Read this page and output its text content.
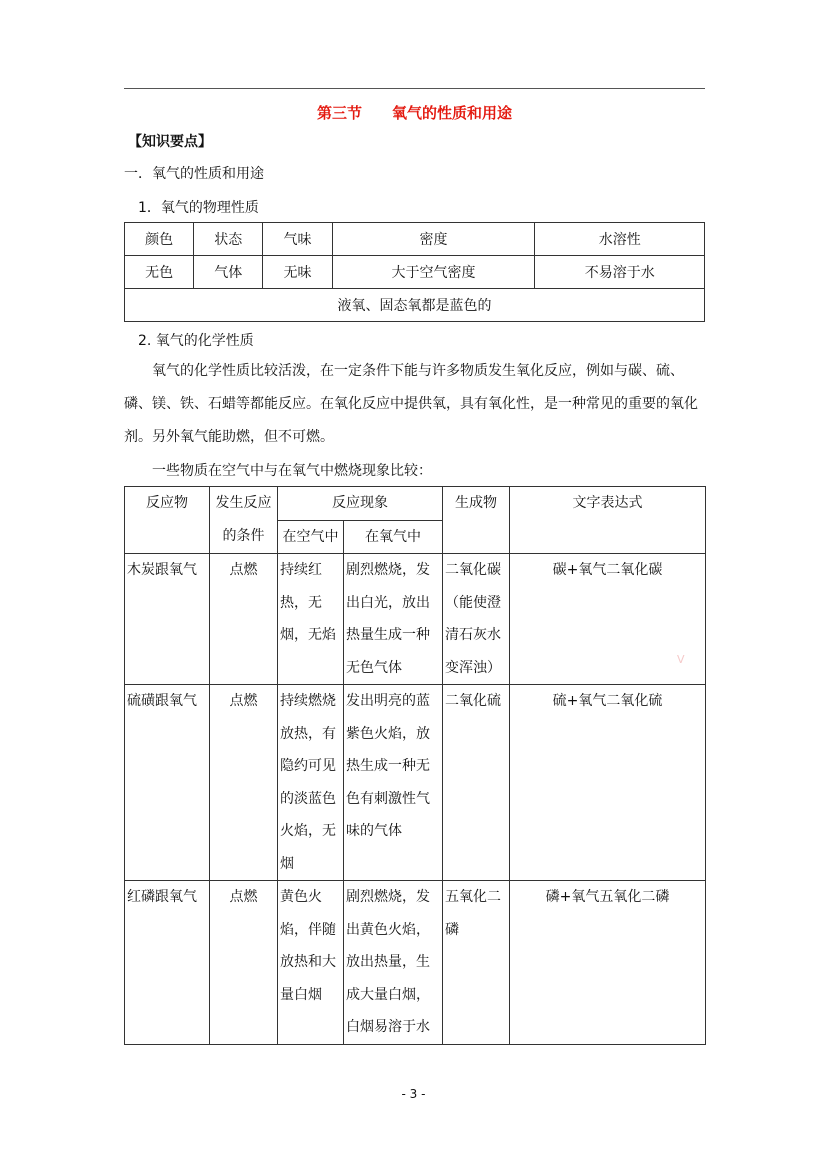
第三节　　氧气的性质和用途
【知识要点】
一．氧气的性质和用途
1．氧气的物理性质
颜色	状态	气味	密度	水溶性
无色	气体	无味	大于空气密度	不易溶于水
液氧、固态氧都是蓝色的				
2. 氧气的化学性质
　　氧气的化学性质比较活泼，在一定条件下能与许多物质发生氧化反应，例如与碳、硫、磷、镁、铁、石蜡等都能反应。在氧化反应中提供氧，具有氧化性，是一种常见的重要的氧化剂。另外氧气能助燃，但不可燃。
一些物质在空气中与在氧气中燃烧现象比较：
反应物	发生反应的条件	反应现象		生成物	文字表达式
		在空气中	在氧气中		
木炭跟氧气	点燃	持续红热，无烟，无焰	剧烈燃烧，发出白光，放出热量生成一种无色气体	二氧化碳（能使澄清石灰水变浑浊）	碳+氧气二氧化碳
硫磺跟氧气	点燃	持续燃烧放热，有隐约可见的淡蓝色火焰，无烟	发出明亮的蓝紫色火焰，放热生成一种无色有刺激性气味的气体	二氧化硫	硫+氧气二氧化硫
红磷跟氧气	点燃	黄色火焰，伴随放热和大量白烟	剧烈燃烧，发出黄色火焰，放出热量，生成大量白烟，白烟易溶于水	五氧化二磷	磷+氧气五氧化二磷
V
- 3 -
